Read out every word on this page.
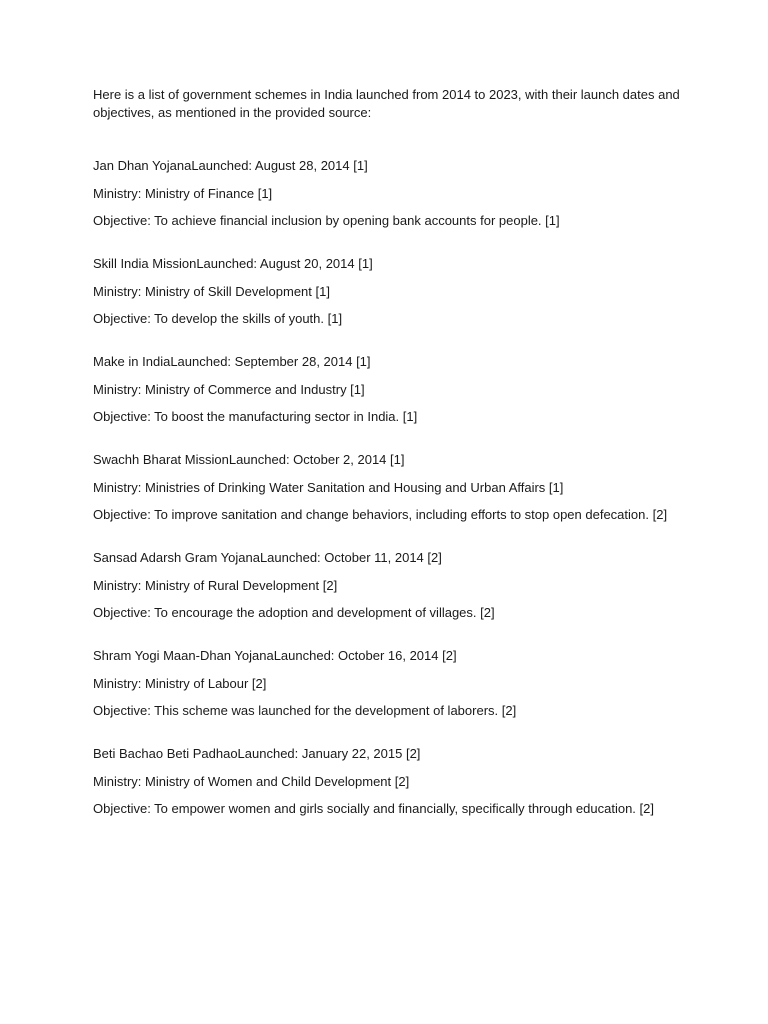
Here is a list of government schemes in India launched from 2014 to 2023, with their launch dates and objectives, as mentioned in the provided source:

Jan Dhan YojanaLaunched: August 28, 2014 [1]
Ministry: Ministry of Finance [1]
Objective: To achieve financial inclusion by opening bank accounts for people. [1]
Skill India MissionLaunched: August 20, 2014 [1]
Ministry: Ministry of Skill Development [1]
Objective: To develop the skills of youth. [1]
Make in IndiaLaunched: September 28, 2014 [1]
Ministry: Ministry of Commerce and Industry [1]
Objective: To boost the manufacturing sector in India. [1]
Swachh Bharat MissionLaunched: October 2, 2014 [1]
Ministry: Ministries of Drinking Water Sanitation and Housing and Urban Affairs [1]
Objective: To improve sanitation and change behaviors, including efforts to stop open defecation. [2]
Sansad Adarsh Gram YojanaLaunched: October 11, 2014 [2]
Ministry: Ministry of Rural Development [2]
Objective: To encourage the adoption and development of villages. [2]
Shram Yogi Maan-Dhan YojanaLaunched: October 16, 2014 [2]
Ministry: Ministry of Labour [2]
Objective: This scheme was launched for the development of laborers. [2]
Beti Bachao Beti PadhaoLaunched: January 22, 2015 [2]
Ministry: Ministry of Women and Child Development [2]
Objective: To empower women and girls socially and financially, specifically through education. [2]
